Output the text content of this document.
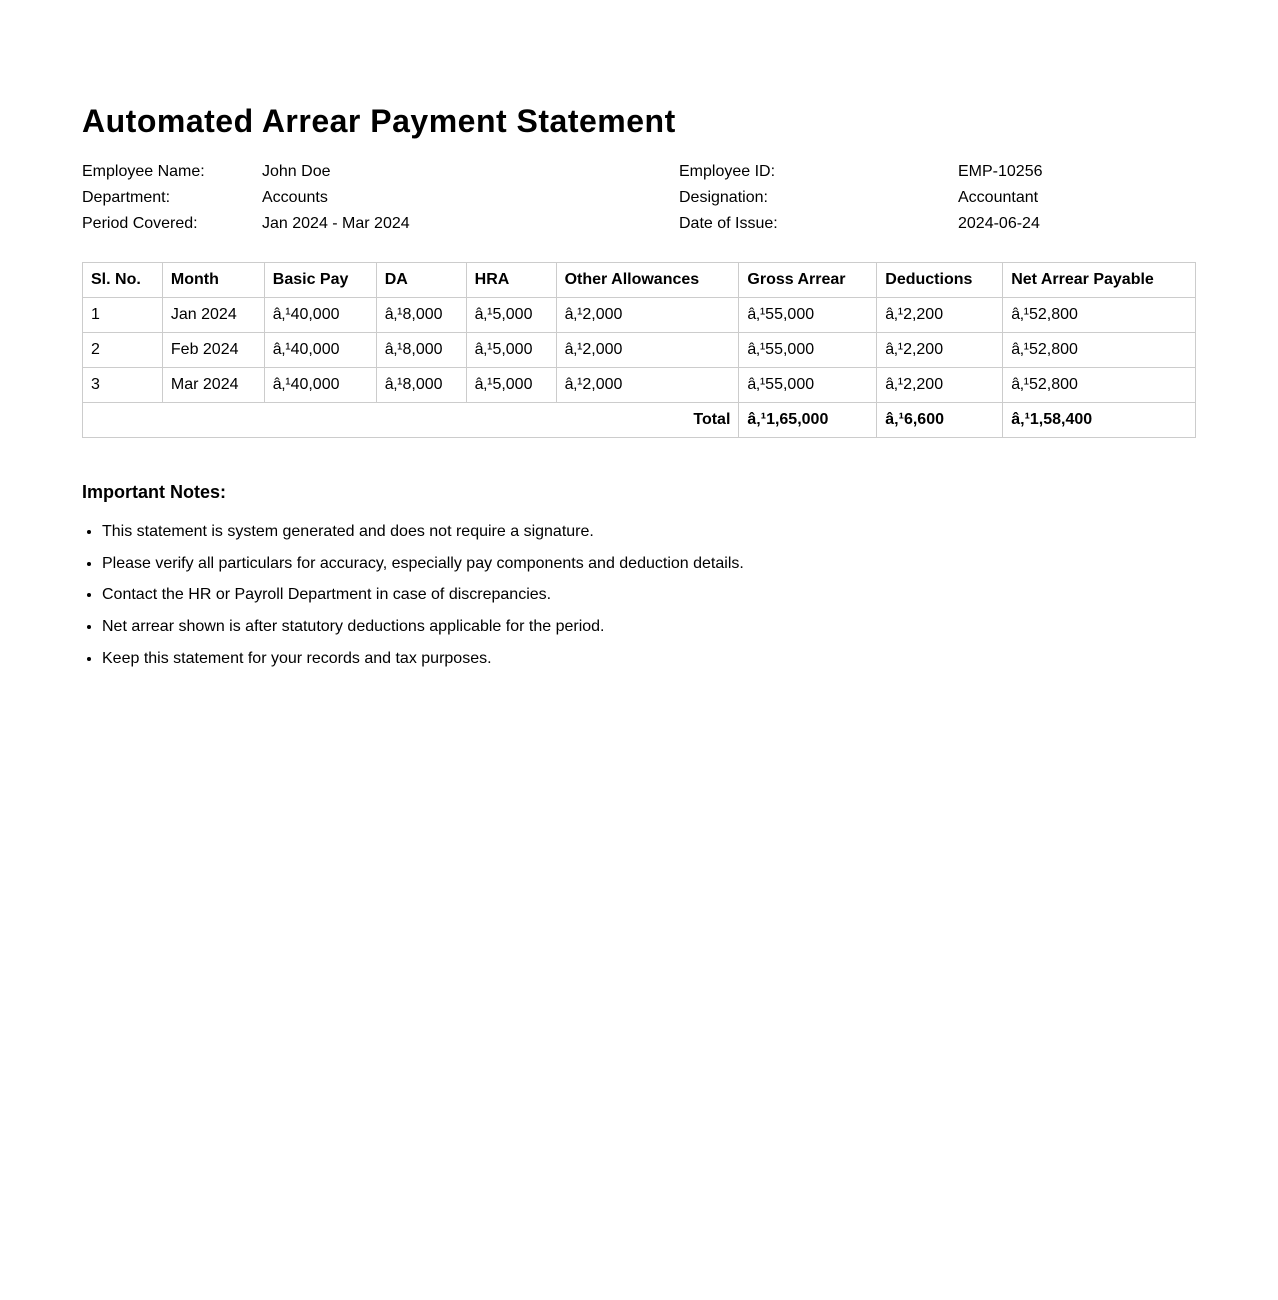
Automated Arrear Payment Statement
Employee Name:	John Doe	Employee ID:	EMP-10256
Department:	Accounts	Designation:	Accountant
Period Covered:	Jan 2024 - Mar 2024	Date of Issue:	2024-06-24
Sl. No.	Month	Basic Pay	DA	HRA	Other Allowances	Gross Arrear	Deductions	Net Arrear Payable
1	Jan 2024	â‚¹40,000	â‚¹8,000	â‚¹5,000	â‚¹2,000	â‚¹55,000	â‚¹2,200	â‚¹52,800
2	Feb 2024	â‚¹40,000	â‚¹8,000	â‚¹5,000	â‚¹2,000	â‚¹55,000	â‚¹2,200	â‚¹52,800
3	Mar 2024	â‚¹40,000	â‚¹8,000	â‚¹5,000	â‚¹2,000	â‚¹55,000	â‚¹2,200	â‚¹52,800
Total						â‚¹1,65,000	â‚¹6,600	â‚¹1,58,400
Important Notes:
• This statement is system generated and does not require a signature.
• Please verify all particulars for accuracy, especially pay components and deduction details.
• Contact the HR or Payroll Department in case of discrepancies.
• Net arrear shown is after statutory deductions applicable for the period.
• Keep this statement for your records and tax purposes.
